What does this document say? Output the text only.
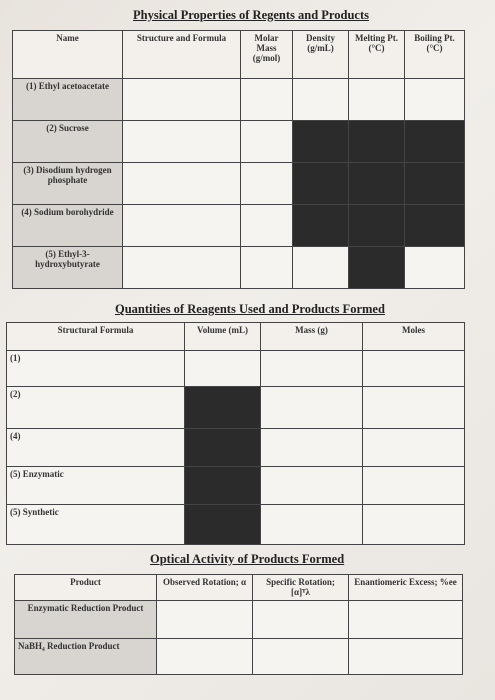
Physical Properties of Regents and Products
Name	Structure and Formula	Molar Mass (g/mol)	Density (g/mL)	Melting Pt. (°C)	Boiling Pt. (°C)
(1) Ethyl acetoacetate					
(2) Sucrose					
(3) Disodium hydrogen phosphate					
(4) Sodium borohydride					
(5) Ethyl-3-hydroxybutyrate					
Quantities of Reagents Used and Products Formed
Structural Formula	Volume (mL)	Mass (g)	Moles
(1)			
(2)			
(4)			
(5) Enzymatic			
(5) Synthetic			
Optical Activity of Products Formed
Product	Observed Rotation; α	Specific Rotation; [α]ᵀλ	Enantiomeric Excess; %ee
Enzymatic Reduction Product			
NaBH₄ Reduction Product			
